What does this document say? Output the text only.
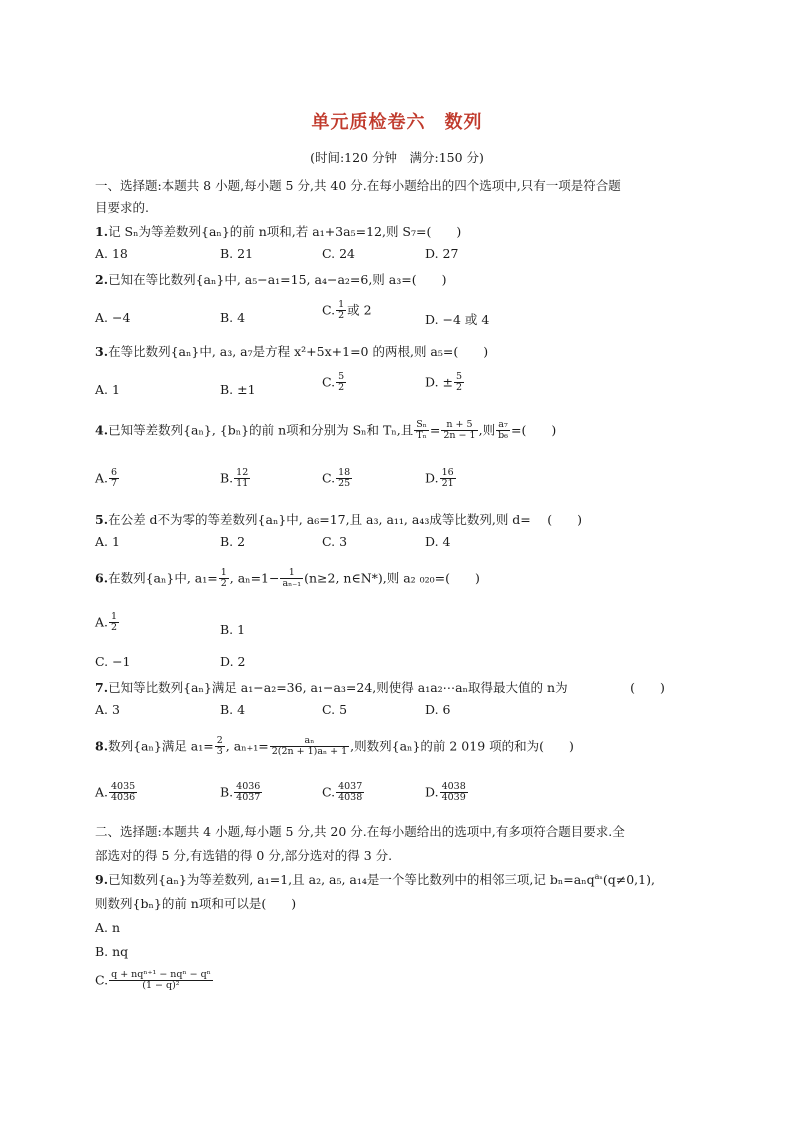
单元质检卷六　数列
(时间:120 分钟　满分:150 分)
一、选择题:本题共 8 小题,每小题 5 分,共 40 分.在每小题给出的四个选项中,只有一项是符合题
目要求的.
1.记 Sₙ为等差数列{aₙ}的前 n项和,若 a₁+3a₅=12,则 S₇=(　　)
A. 18	B. 21	C. 24	D. 27
2.已知在等比数列{aₙ}中, a₅−a₁=15, a₄−a₂=6,则 a₃=(　　)
A. −4	B. 4
C. $\frac{1}{2}$ 或 2
D. −4 或 4
3.在等比数列{aₙ}中, a₃, a₇是方程 x²+5x+1=0 的两根,则 a₅=(　　)
A. 1	B. ±1
C. $\frac{5}{2}$	D. ± $\frac{5}{2}$
4.已知等差数列{aₙ}, {bₙ}的前 n项和分别为 Sₙ和 Tₙ,且 $\frac{\text{Sₙ}}{\text{Tₙ}} = \frac{n + 5}{2n - 1}$ ,则 $\frac{\text{a₇}}{\text{b₆}}$ =(　　)
A. $\frac{6}{7}$	B. $\frac{12}{11}$	C. $\frac{18}{25}$	D. $\frac{16}{21}$
5.在公差 d不为零的等差数列{aₙ}中, a₆=17,且 a₃, a₁₁, a₄₃成等比数列,则 d=　 (　　)
A. 1	B. 2	C. 3	D. 4
6.在数列{aₙ}中, $a_1= \frac{1}{2}$ , $a_n=1- \frac{1}{\text{aₙ₋₁}} (n\ge 2$, n∈N*),则 a₂ ₀₂₀=(　　)
A. $\frac{1}{2}$	B. 1
C. −1	D. 2
7.已知等比数列{aₙ}满足 a₁−a₂=36, a₁−a₃=24,则使得 a₁a₂⋯aₙ取得最大值的 n为　　　　　(　　)
A. 3	B. 4	C. 5	D. 6
8.数列{aₙ}满足 $a_1= \frac{2}{3}$ , $a_{n+1}= \frac{\text{aₙ}}{\text{2(2n + 1)aₙ + 1}}$ ,则数列{aₙ}的前 2 019 项的和为(　　)
A. $\frac{4035}{4036}$	B. $\frac{4036}{4037}$	C. $\frac{4037}{4038}$	D. $\frac{4038}{4039}$
二、选择题:本题共 4 小题,每小题 5 分,共 20 分.在每小题给出的选项中,有多项符合题目要求.全
部选对的得 5 分,有选错的得 0 分,部分选对的得 3 分.
9.已知数列{aₙ}为等差数列, a₁=1,且 a₂, a₅, a₁₄是一个等比数列中的相邻三项,记 bₙ=aₙq$^{a_n}$(q≠0,1),
则数列{bₙ}的前 n项和可以是(　　)
A. n
B. nq
C. $\frac{\text{q + nqⁿ⁺¹ − nqⁿ − qⁿ}}{\text{(1 − q)²}}$
